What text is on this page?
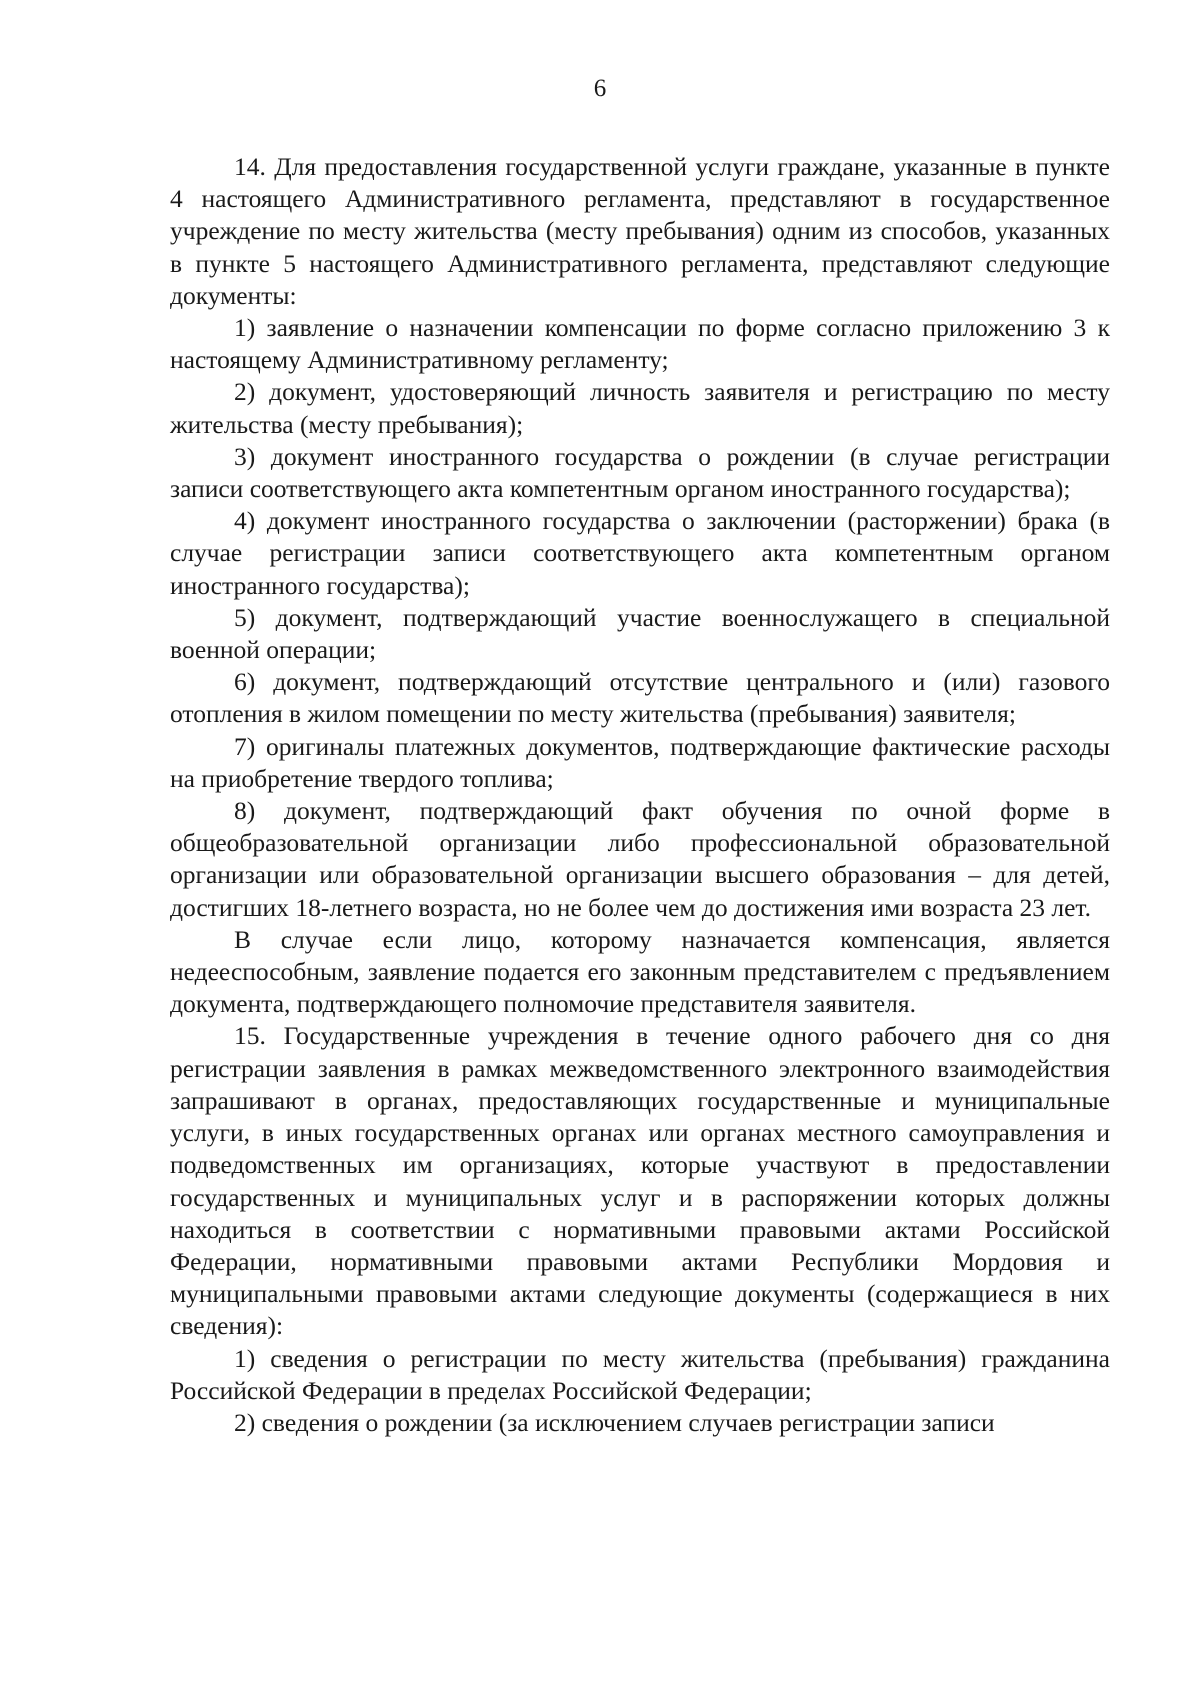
6

14. Для предоставления государственной услуги граждане, указанные в пункте 4 настоящего Административного регламента, представляют в государственное учреждение по месту жительства (месту пребывания) одним из способов, указанных в пункте 5 настоящего Административного регламента, представляют следующие документы:

1) заявление о назначении компенсации по форме согласно приложению 3 к настоящему Административному регламенту;

2) документ, удостоверяющий личность заявителя и регистрацию по месту жительства (месту пребывания);

3) документ иностранного государства о рождении (в случае регистрации записи соответствующего акта компетентным органом иностранного государства);

4) документ иностранного государства о заключении (расторжении) брака (в случае регистрации записи соответствующего акта компетентным органом иностранного государства);

5) документ, подтверждающий участие военнослужащего в специальной военной операции;

6) документ, подтверждающий отсутствие центрального и (или) газового отопления в жилом помещении по месту жительства (пребывания) заявителя;

7) оригиналы платежных документов, подтверждающие фактические расходы на приобретение твердого топлива;

8) документ, подтверждающий факт обучения по очной форме в общеобразовательной организации либо профессиональной образовательной организации или образовательной организации высшего образования – для детей, достигших 18-летнего возраста, но не более чем до достижения ими возраста 23 лет.

В случае если лицо, которому назначается компенсация, является недееспособным, заявление подается его законным представителем с предъявлением документа, подтверждающего полномочие представителя заявителя.

15. Государственные учреждения в течение одного рабочего дня со дня регистрации заявления в рамках межведомственного электронного взаимодействия запрашивают в органах, предоставляющих государственные и муниципальные услуги, в иных государственных органах или органах местного самоуправления и подведомственных им организациях, которые участвуют в предоставлении государственных и муниципальных услуг и в распоряжении которых должны находиться в соответствии с нормативными правовыми актами Российской Федерации, нормативными правовыми актами Республики Мордовия и муниципальными правовыми актами следующие документы (содержащиеся в них сведения):

1) сведения о регистрации по месту жительства (пребывания) гражданина Российской Федерации в пределах Российской Федерации;

2) сведения о рождении (за исключением случаев регистрации записи
